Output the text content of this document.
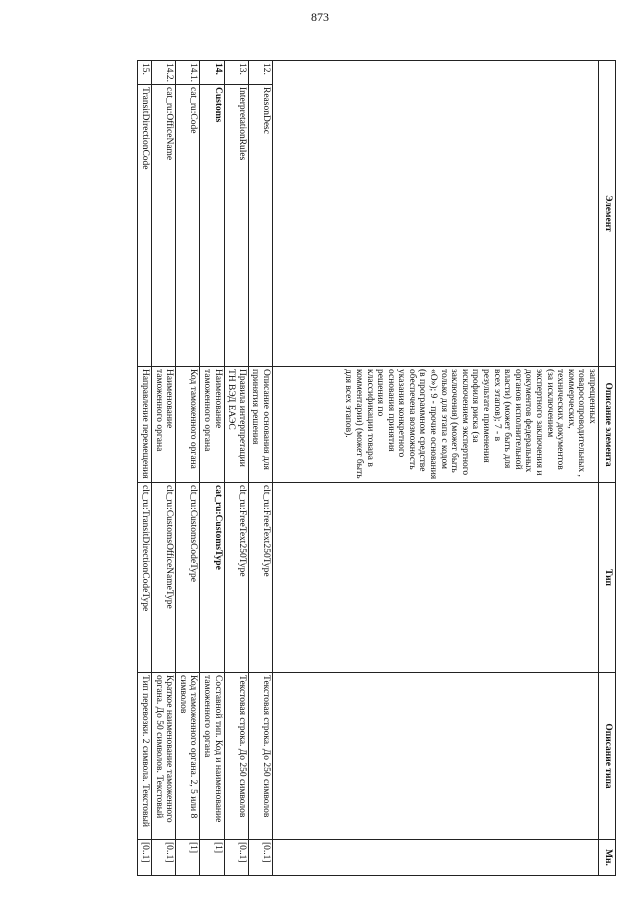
873
Элемент		Описание элемента	Тип	Описание типа	Мн.
		запрещенных товаросопроводительных , коммерческих, технических документов (за исключением экспертного заключения и документов федеральных органов исполнительной власти) (может быть для всех этапов); 7 - в результате применения профиля риска (за исключением экспертного заключения) (может быть только для этапа с кодом «О»); 9 - прочие основания (в программном средстве обеспечена возможность указания конкретного основания принятия решения по классификации товара в комментарии) (может быть для всех этапов).			
12.	ReasonDesc	Описание основания для принятия решения	clt_ru:FreeText250Type	Текстовая строка. До 250 символов	[0..1]
13.	InterpretationRules	Правила интерпретации ТН ВЭД ЕАЭС	clt_ru:FreeText250Type	Текстовая строка. До 250 символов	[0..1]
14.	Customs	Наименование таможенного органа	cat_ru:CustomsType	Составной тип. Код и наименование таможенного органа	[1]
14.1.	cat_ru:Code	Код таможенного органа	clt_ru:CustomsCodeType	Код таможенного органа. 2, 5 или 8 символов	[1]
14.2.	cat_ru:OfficeName	Наименование таможенного органа	clt_ru:CustomsOfficeNameType	Краткое наименование таможенного органа. До 50 символов. Текстовый	[0..1]
15.	TransitDirectionCode	Направление перемещения	clt_ru:TransitDirectionCodeType	Тип перевозки. 2 символа. Текстовый	[0..1]
